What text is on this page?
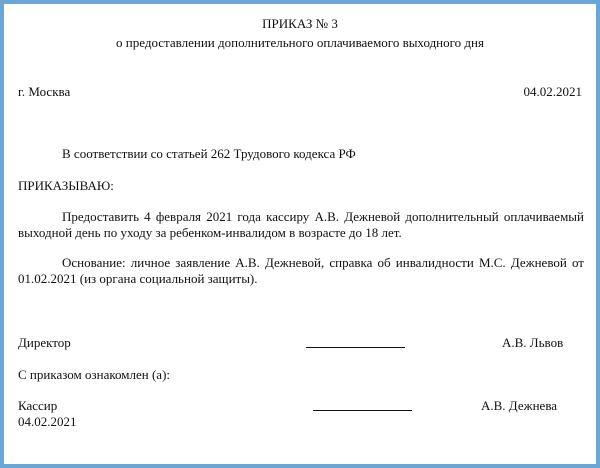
ПРИКАЗ № 3
о предоставлении дополнительного оплачиваемого выходного дня
г. Москва	04.02.2021
В соответствии со статьей 262 Трудового кодекса РФ
ПРИКАЗЫВАЮ:
Предоставить 4 февраля 2021 года кассиру А.В. Дежневой дополнительный оплачиваемый выходной день по уходу за ребенком-инвалидом в возрасте до 18 лет.
Основание: личное заявление А.В. Дежневой, справка об инвалидности М.С. Дежневой от 01.02.2021 (из органа социальной защиты).
Директор	А.В. Львов
С приказом ознакомлен (а):
Кассир	А.В. Дежнева
04.02.2021
